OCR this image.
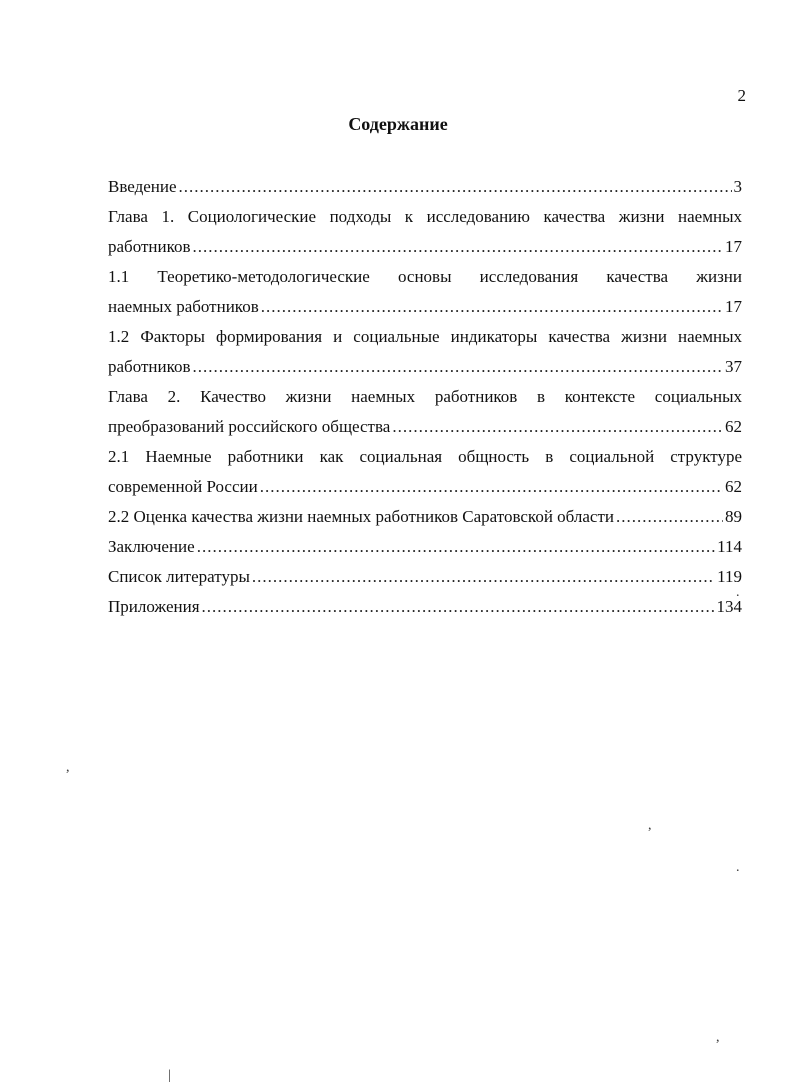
2
Содержание
Введение .....	3
Глава 1. Социологические подходы к исследованию качества жизни наемных
работников .....	17
1.1 Теоретико-методологические основы исследования качества жизни
наемных работников .....	17
1.2 Факторы формирования и социальные индикаторы качества жизни наемных
работников .....	37
Глава 2. Качество жизни наемных работников в контексте социальных
преобразований российского общества .....	62
2.1 Наемные работники как социальная общность в социальной структуре
современной России .....	62
2.2 Оценка качества жизни наемных работников Саратовской области .....	89
Заключение .....	114
Список литературы .....	119
Приложения .....	134
,
,
.
,
|
.
